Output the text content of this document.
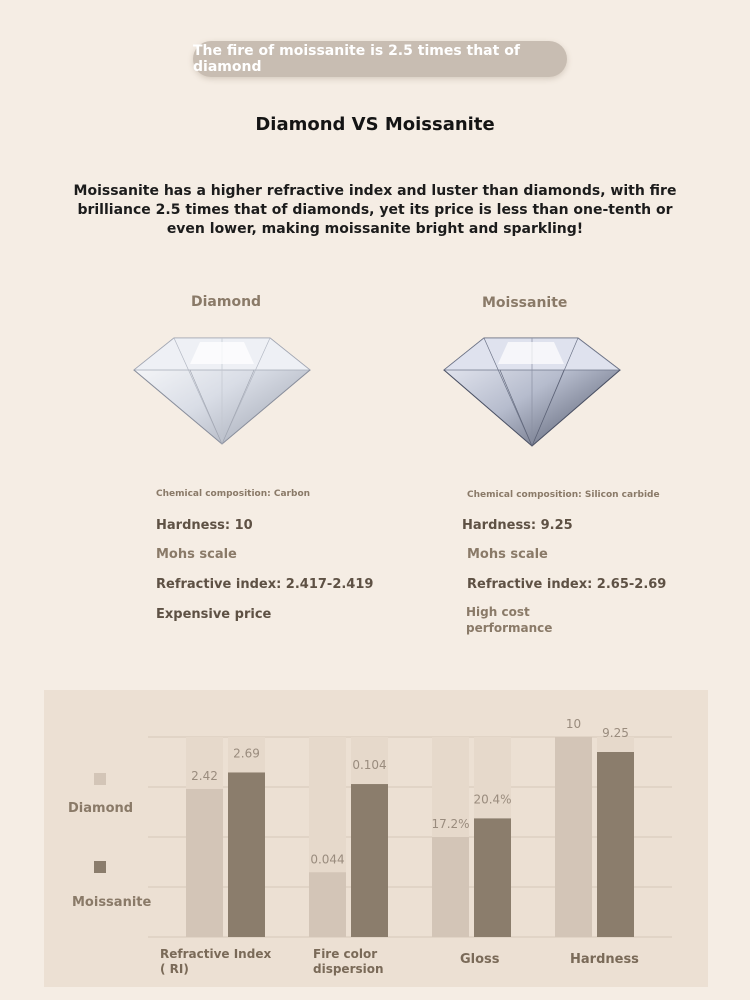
The fire of moissanite is 2.5 times that of diamond
Diamond VS Moissanite
Moissanite has a higher refractive index and luster than diamonds, with fire brilliance 2.5 times that of diamonds, yet its price is less than one-tenth or even lower, making moissanite bright and sparkling!
Diamond
Chemical composition: Carbon
Hardness: 10
Mohs scale
Refractive index: 2.417-2.419
Expensive price
Moissanite
Chemical composition: Silicon carbide
Hardness: 9.25
Mohs scale
Refractive index: 2.65-2.69
High cost performance
Diamond
Moissanite
2.42
2.69
0.044
0.104
17.2%
20.4%
10
9.25
Refractive Index ( RI)
Fire color dispersion
Gloss	Hardness
